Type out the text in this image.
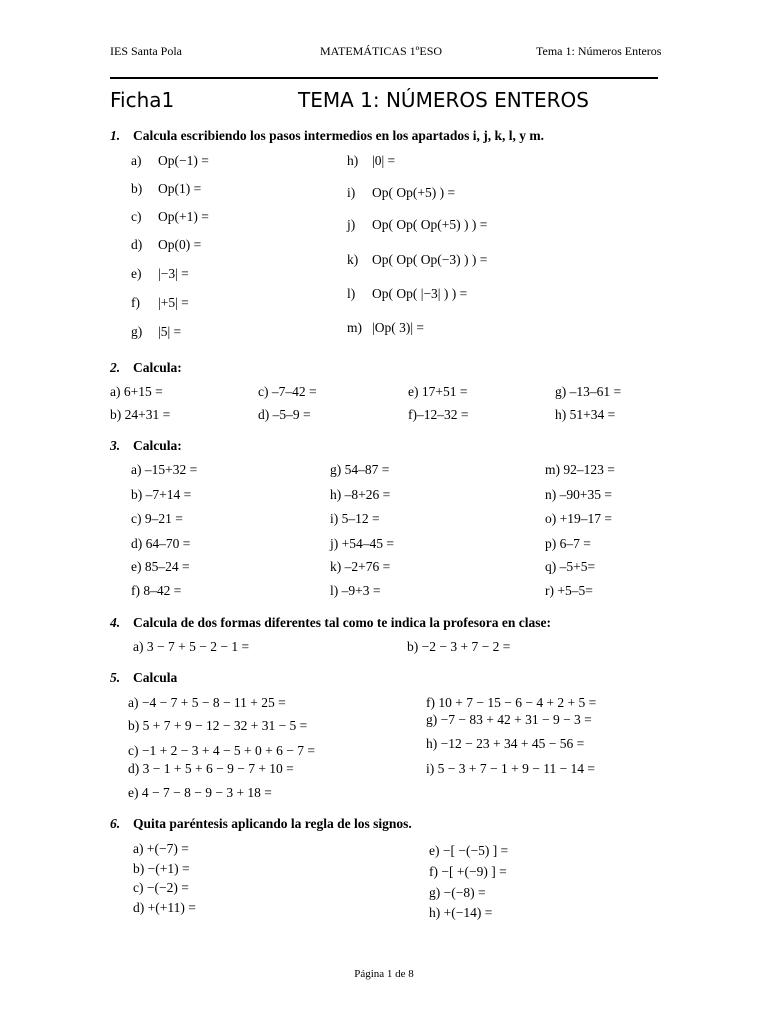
IES Santa Pola	MATEMÁTICAS 1ºESO	Tema 1: Números Enteros
Ficha1	TEMA 1: NÚMEROS ENTEROS
1. Calcula escribiendo los pasos intermedios en los apartados i, j, k, l, y m.
a) Op(−1) =
b) Op(1) =
c) Op(+1) =
d) Op(0) =
e) |−3| =
f) |+5| =
g) |5| =
h) |0| =
i) Op( Op(+5) ) =
j) Op( Op( Op(+5) ) ) =
k) Op( Op( Op(−3) ) ) =
l) Op( Op( |−3| ) ) =
m) |Op( 3)| =
2. Calcula:
a) 6+15 =	c) –7–42 =	e) 17+51 =	g) –13–61 =
b) 24+31 =	d) –5–9 =	f)–12–32 =	h) 51+34 =
3. Calcula:
a) –15+32 =
b) –7+14 =
c) 9–21 =
d) 64–70 =
e) 85–24 =
f) 8–42 =
g) 54–87 =
h) –8+26 =
i) 5–12 =
j) +54–45 =
k) –2+76 =
l) –9+3 =
m) 92–123 =
n) –90+35 =
o) +19–17 =
p) 6–7 =
q) –5+5=
r) +5–5=
4. Calcula de dos formas diferentes tal como te indica la profesora en clase:
a) 3 − 7 + 5 − 2 − 1 =	b) −2 − 3 + 7 − 2 =
5. Calcula
a) −4 − 7 + 5 − 8 − 11 + 25 =
b) 5 + 7 + 9 − 12 − 32 + 31 − 5 =
c) −1 + 2 − 3 + 4 − 5 + 0 + 6 − 7 =
d) 3 − 1 + 5 + 6 − 9 − 7 + 10 =
e) 4 − 7 − 8 − 9 − 3 + 18 =
f) 10 + 7 − 15 − 6 − 4 + 2 + 5 =
g) −7 − 83 + 42 + 31 − 9 − 3 =
h) −12 − 23 + 34 + 45 − 56 =
i) 5 − 3 + 7 − 1 + 9 − 11 − 14 =
6. Quita paréntesis aplicando la regla de los signos.
a) +(−7) =
b) −(+1) =
c) −(−2) =
d) +(+11) =
e) −[ −(−5) ] =
f) −[ +(−9) ] =
g) −(−8) =
h) +(−14) =
Página 1 de 8
